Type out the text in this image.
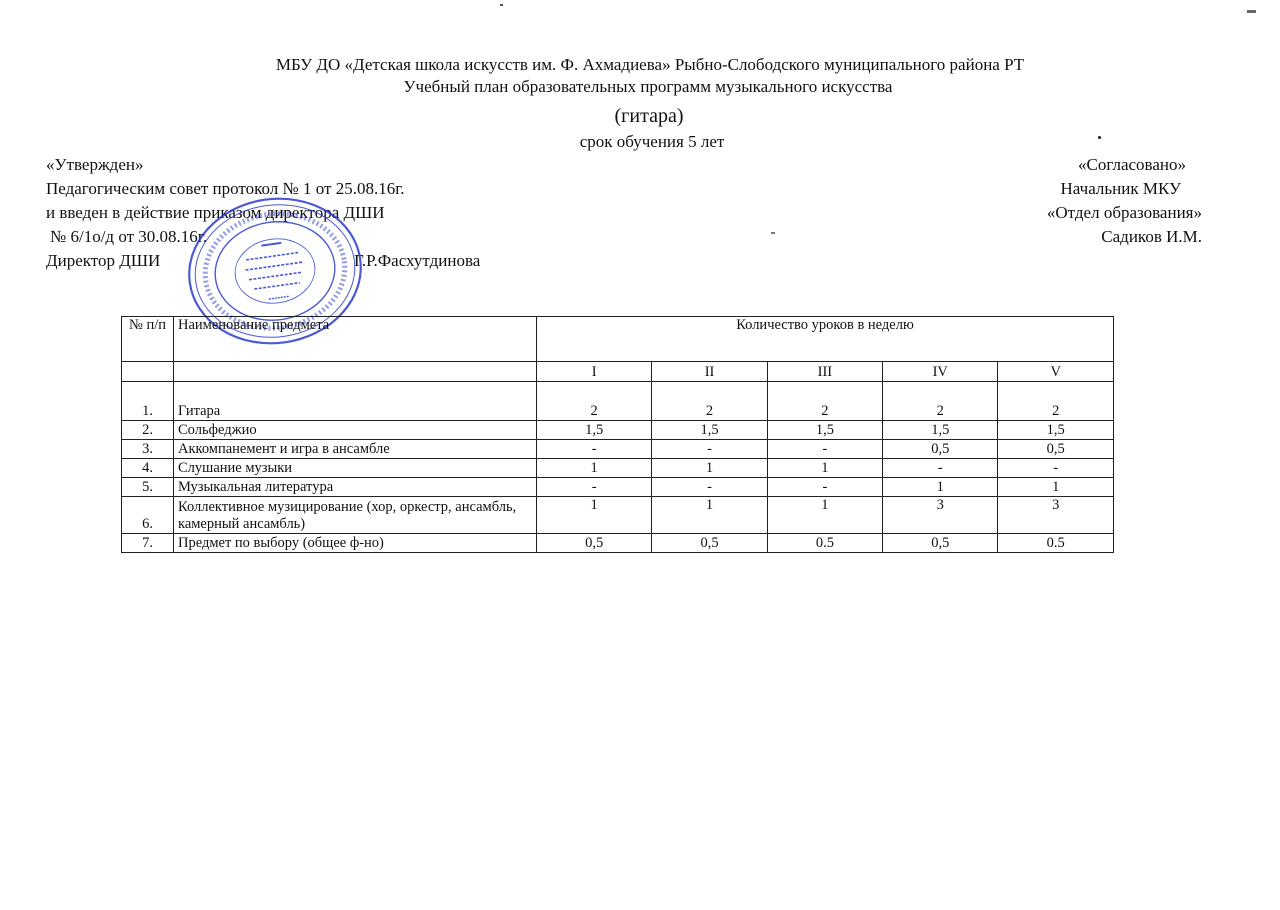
МБУ ДО «Детская школа искусств им. Ф. Ахмадиева» Рыбно-Слободского муниципального района РТ
Учебный план образовательных программ музыкального искусства
(гитара)
срок обучения 5 лет
«Утвержден»
Педагогическим совет протокол № 1 от 25.08.16г.
и введен в действие приказом директора ДШИ
№ 6/1о/д от 30.08.16г.
Директор ДШИ	Г.Р.Фасхутдинова
«Согласовано»
Начальник МКУ
«Отдел образования»
Садиков И.М.
№ п/п	Наименование предмета	Количество уроков в неделю				
		I	II	III	IV	V
1.	Гитара	2	2	2	2	2
2.	Сольфеджио	1,5	1,5	1,5	1,5	1,5
3.	Аккомпанемент и игра в ансамбле	-	-	-	0,5	0,5
4.	Слушание музыки	1	1	1	-	-
5.	Музыкальная литература	-	-	-	1	1
6.	Коллективное музицирование (хор, оркестр, ансамбль, камерный ансамбль)	1	1	1	3	3
7.	Предмет по выбору (общее ф-но)	0,5	0,5	0.5	0,5	0.5
